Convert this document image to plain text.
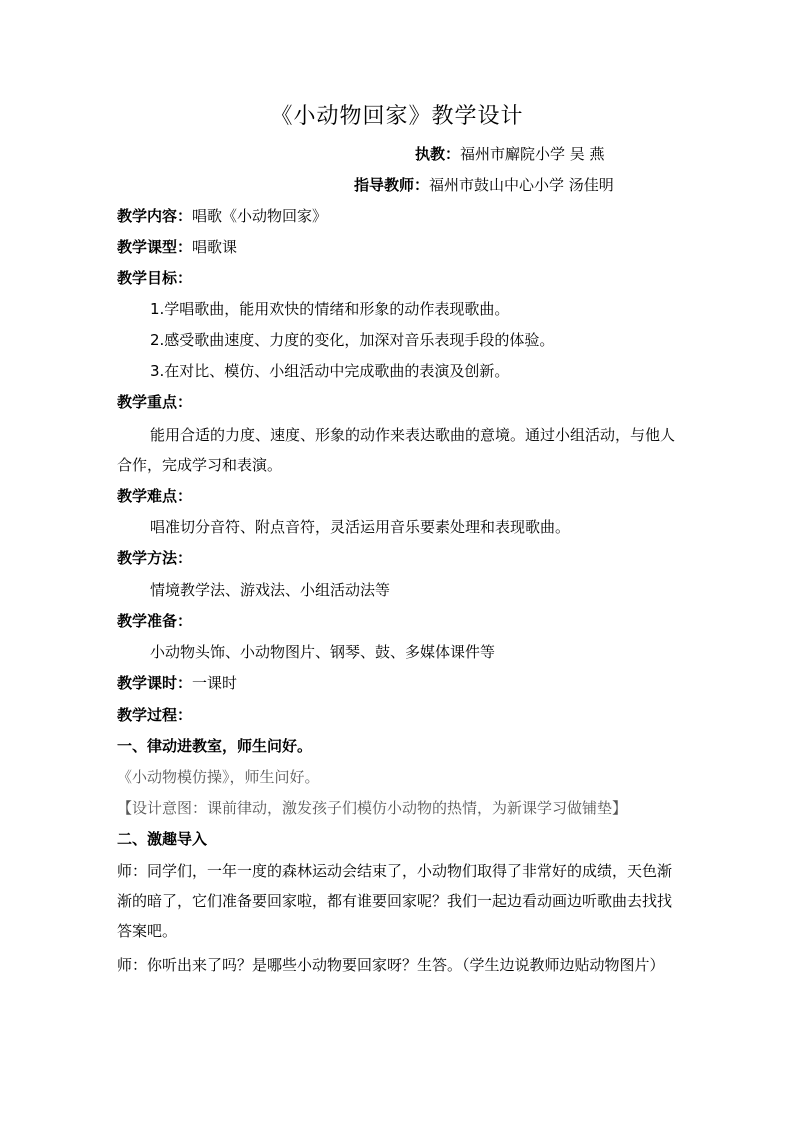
《小动物回家》教学设计
执教：福州市廨院小学 吴 燕
指导教师：福州市鼓山中心小学 汤佳明
教学内容：唱歌《小动物回家》
教学课型：唱歌课
教学目标：
1.学唱歌曲，能用欢快的情绪和形象的动作表现歌曲。
2.感受歌曲速度、力度的变化，加深对音乐表现手段的体验。
3.在对比、模仿、小组活动中完成歌曲的表演及创新。
教学重点：
能用合适的力度、速度、形象的动作来表达歌曲的意境。通过小组活动，与他人合作，完成学习和表演。
教学难点：
唱准切分音符、附点音符，灵活运用音乐要素处理和表现歌曲。
教学方法：
情境教学法、游戏法、小组活动法等
教学准备：
小动物头饰、小动物图片、钢琴、鼓、多媒体课件等
教学课时：一课时
教学过程：
一、律动进教室，师生问好。
《小动物模仿操》，师生问好。
【设计意图：课前律动，激发孩子们模仿小动物的热情，为新课学习做铺垫】
二、激趣导入
师：同学们，一年一度的森林运动会结束了，小动物们取得了非常好的成绩，天色渐渐的暗了，它们准备要回家啦，都有谁要回家呢？我们一起边看动画边听歌曲去找找答案吧。
师：你听出来了吗？是哪些小动物要回家呀？生答。（学生边说教师边贴动物图片）
